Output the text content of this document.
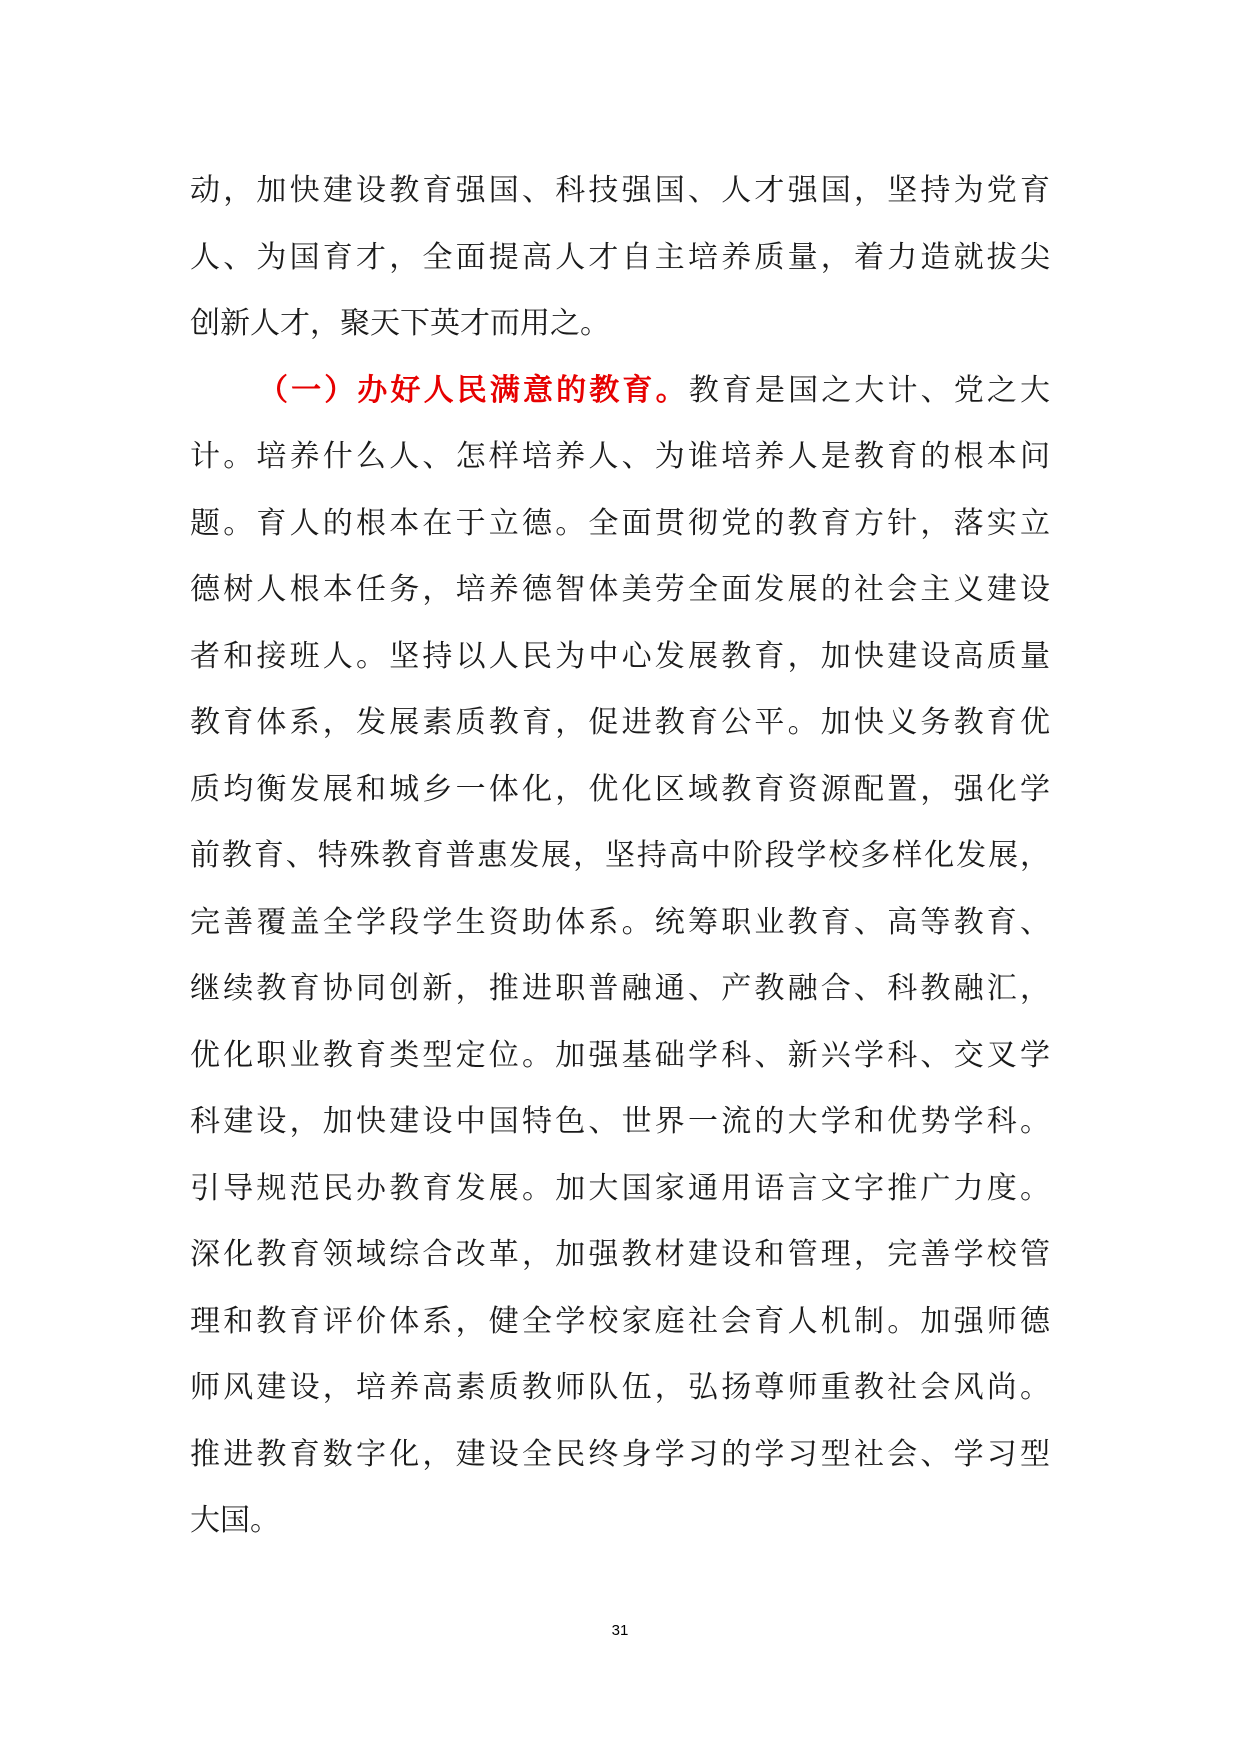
动，加快建设教育强国、科技强国、人才强国，坚持为党育
人、为国育才，全面提高人才自主培养质量，着力造就拔尖
创新人才，聚天下英才而用之。
（一）办好人民满意的教育。教育是国之大计、党之大
计。培养什么人、怎样培养人、为谁培养人是教育的根本问
题。育人的根本在于立德。全面贯彻党的教育方针，落实立
德树人根本任务，培养德智体美劳全面发展的社会主义建设
者和接班人。坚持以人民为中心发展教育，加快建设高质量
教育体系，发展素质教育，促进教育公平。加快义务教育优
质均衡发展和城乡一体化，优化区域教育资源配置，强化学
前教育、特殊教育普惠发展，坚持高中阶段学校多样化发展，
完善覆盖全学段学生资助体系。统筹职业教育、高等教育、
继续教育协同创新，推进职普融通、产教融合、科教融汇，
优化职业教育类型定位。加强基础学科、新兴学科、交叉学
科建设，加快建设中国特色、世界一流的大学和优势学科。
引导规范民办教育发展。加大国家通用语言文字推广力度。
深化教育领域综合改革，加强教材建设和管理，完善学校管
理和教育评价体系，健全学校家庭社会育人机制。加强师德
师风建设，培养高素质教师队伍，弘扬尊师重教社会风尚。
推进教育数字化，建设全民终身学习的学习型社会、学习型
大国。
31
